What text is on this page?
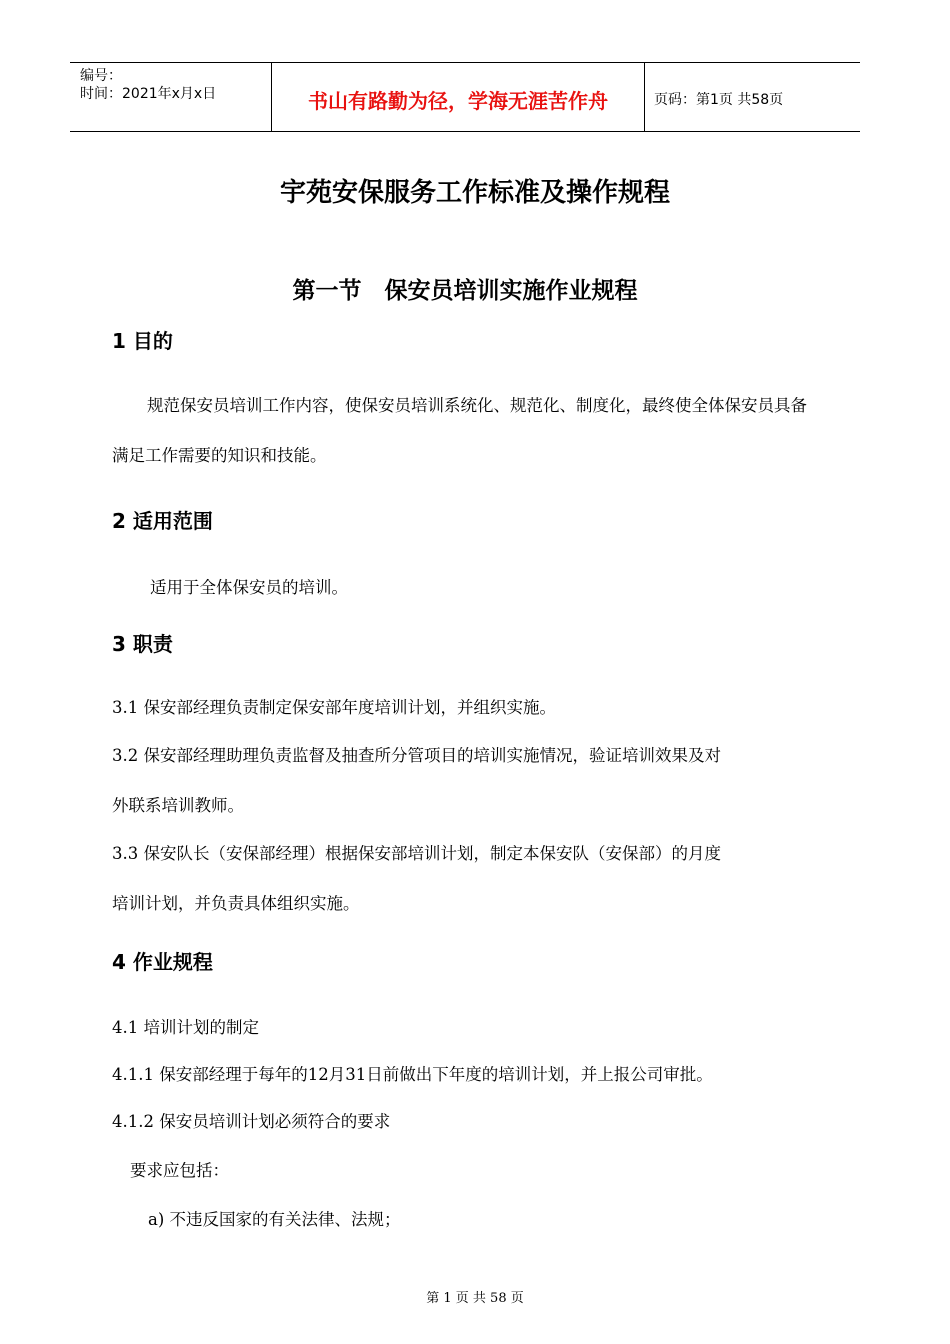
编号：
时间：2021年x月x日	书山有路勤为径，学海无涯苦作舟	页码：第1页 共58页
宇苑安保服务工作标准及操作规程
第一节　保安员培训实施作业规程
1 目的
规范保安员培训工作内容，使保安员培训系统化、规范化、制度化，最终使全体保安员具备
满足工作需要的知识和技能。
2 适用范围
适用于全体保安员的培训。
3 职责
3.1 保安部经理负责制定保安部年度培训计划，并组织实施。
3.2 保安部经理助理负责监督及抽查所分管项目的培训实施情况，验证培训效果及对
外联系培训教师。
3.3 保安队长（安保部经理）根据保安部培训计划，制定本保安队（安保部）的月度
培训计划，并负责具体组织实施。
4 作业规程
4.1 培训计划的制定
4.1.1 保安部经理于每年的12月31日前做出下年度的培训计划，并上报公司审批。
4.1.2 保安员培训计划必须符合的要求
要求应包括：
a) 不违反国家的有关法律、法规；
第 1 页 共 58 页
